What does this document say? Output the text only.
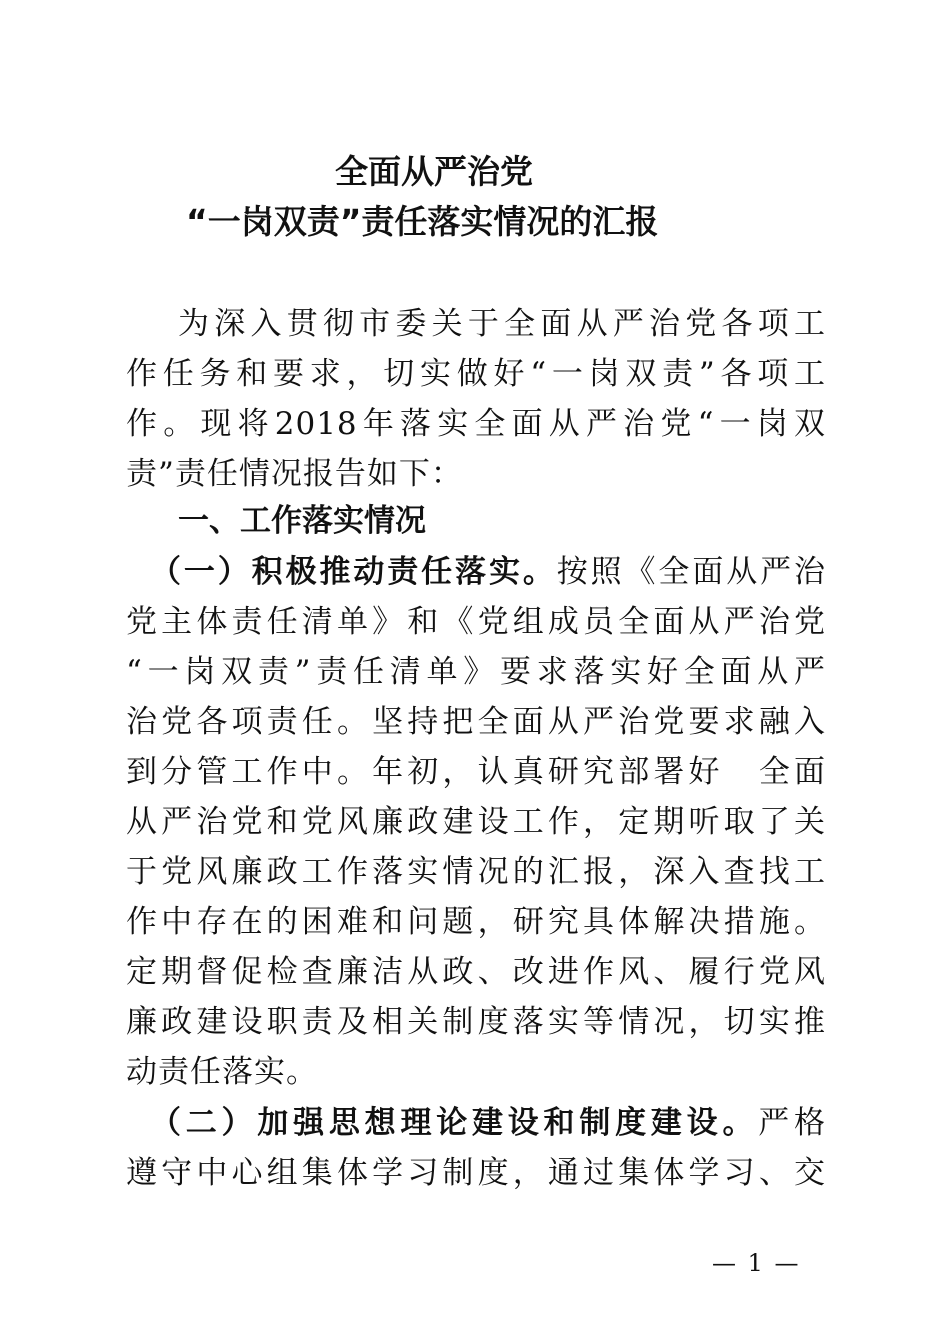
全面从严治党
“一岗双责”责任落实情况的汇报
为深入贯彻市委关于全面从严治党各项工
作任务和要求，切实做好“一岗双责”各项工
作。现将2018年落实全面从严治党“一岗双
责”责任情况报告如下：
一、工作落实情况
（一）积极推动责任落实。按照《全面从严治
党主体责任清单》和《党组成员全面从严治党
“一岗双责”责任清单》要求落实好全面从严
治党各项责任。坚持把全面从严治党要求融入
到分管工作中。年初，认真研究部署好　全面
从严治党和党风廉政建设工作，定期听取了关
于党风廉政工作落实情况的汇报，深入查找工
作中存在的困难和问题，研究具体解决措施。
定期督促检查廉洁从政、改进作风、履行党风
廉政建设职责及相关制度落实等情况，切实推
动责任落实。
（二）加强思想理论建设和制度建设。严格
遵守中心组集体学习制度，通过集体学习、交
— 1 —
